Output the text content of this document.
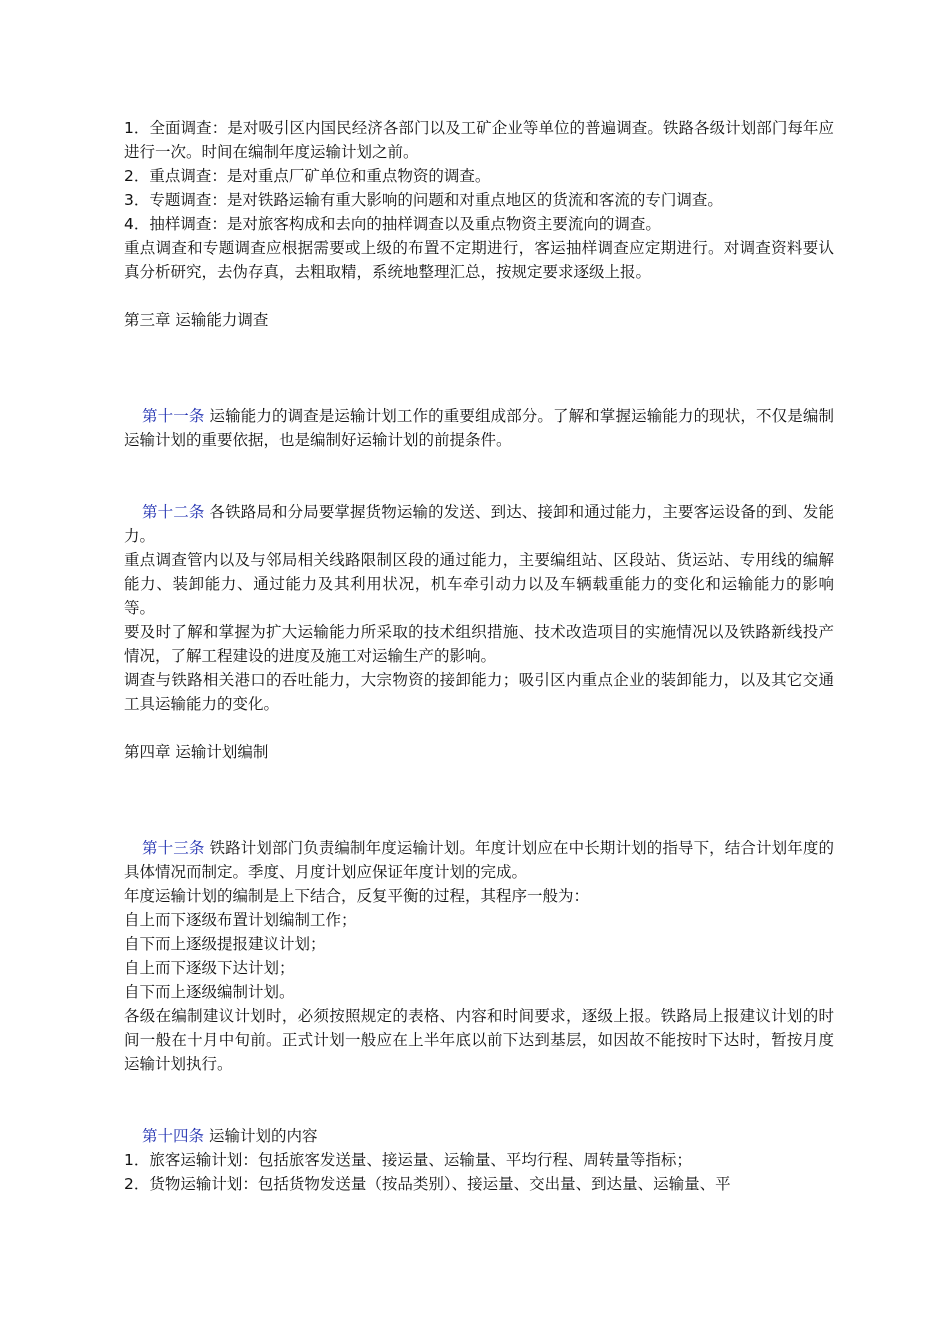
1．全面调查：是对吸引区内国民经济各部门以及工矿企业等单位的普遍调查。铁路各级计划部门每年应进行一次。时间在编制年度运输计划之前。

2．重点调查：是对重点厂矿单位和重点物资的调查。

3．专题调查：是对铁路运输有重大影响的问题和对重点地区的货流和客流的专门调查。

4．抽样调查：是对旅客构成和去向的抽样调查以及重点物资主要流向的调查。

重点调查和专题调查应根据需要或上级的布置不定期进行，客运抽样调查应定期进行。对调查资料要认真分析研究，去伪存真，去粗取精，系统地整理汇总，按规定要求逐级上报。

第三章 运输能力调查

第十一条 运输能力的调查是运输计划工作的重要组成部分。了解和掌握运输能力的现状，不仅是编制运输计划的重要依据，也是编制好运输计划的前提条件。

第十二条 各铁路局和分局要掌握货物运输的发送、到达、接卸和通过能力，主要客运设备的到、发能力。

重点调查管内以及与邻局相关线路限制区段的通过能力，主要编组站、区段站、货运站、专用线的编解能力、装卸能力、通过能力及其利用状况，机车牵引动力以及车辆载重能力的变化和运输能力的影响等。

要及时了解和掌握为扩大运输能力所采取的技术组织措施、技术改造项目的实施情况以及铁路新线投产情况，了解工程建设的进度及施工对运输生产的影响。

调查与铁路相关港口的吞吐能力，大宗物资的接卸能力；吸引区内重点企业的装卸能力，以及其它交通工具运输能力的变化。

第四章 运输计划编制

第十三条 铁路计划部门负责编制年度运输计划。年度计划应在中长期计划的指导下，结合计划年度的具体情况而制定。季度、月度计划应保证年度计划的完成。

年度运输计划的编制是上下结合，反复平衡的过程，其程序一般为：

自上而下逐级布置计划编制工作；

自下而上逐级提报建议计划；

自上而下逐级下达计划；

自下而上逐级编制计划。

各级在编制建议计划时，必须按照规定的表格、内容和时间要求，逐级上报。铁路局上报建议计划的时间一般在十月中旬前。正式计划一般应在上半年底以前下达到基层，如因故不能按时下达时，暂按月度运输计划执行。

第十四条 运输计划的内容

1．旅客运输计划：包括旅客发送量、接运量、运输量、平均行程、周转量等指标；

2．货物运输计划：包括货物发送量（按品类别）、接运量、交出量、到达量、运输量、平
